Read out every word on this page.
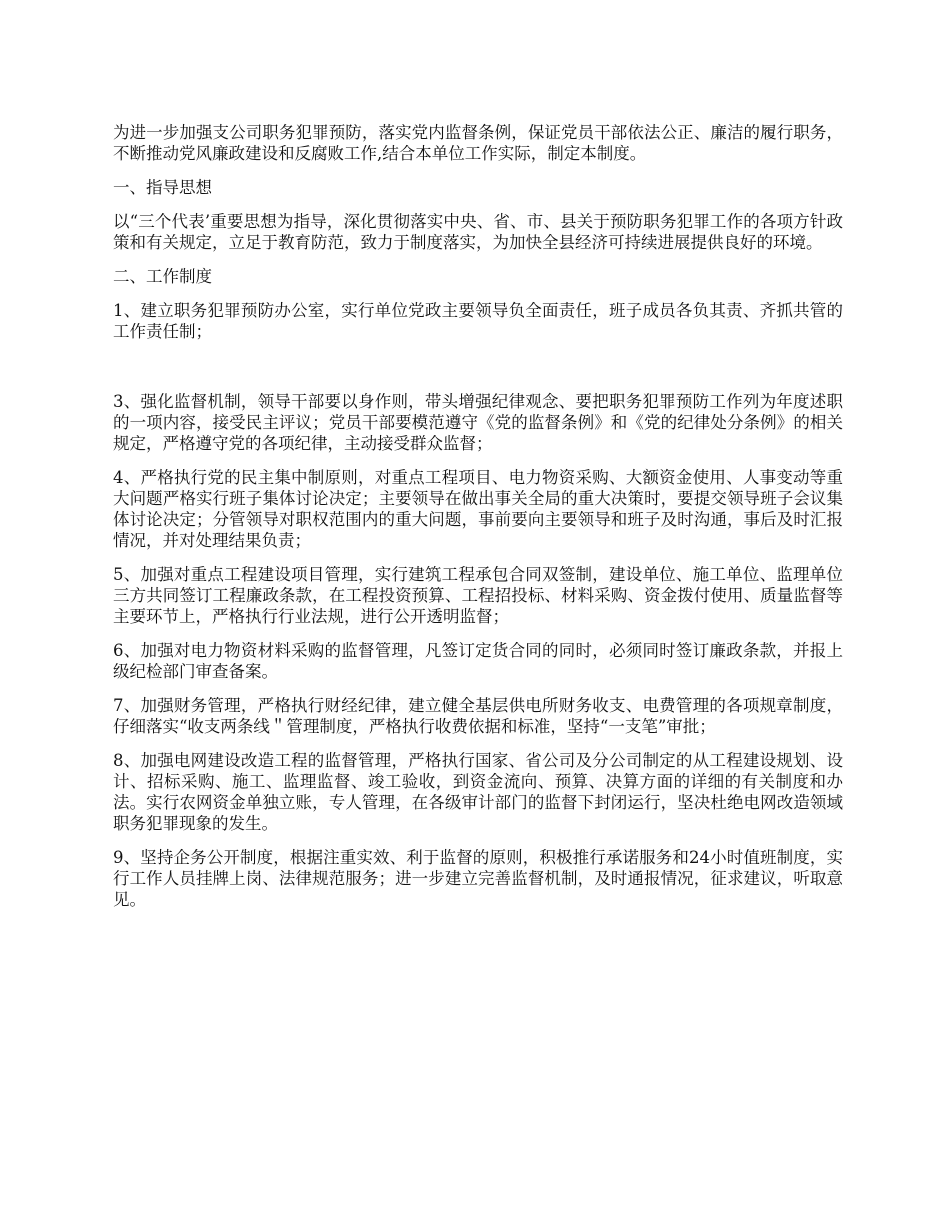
为进一步加强支公司职务犯罪预防，落实党内监督条例，保证党员干部依法公正、廉洁的履行职务，不断推动党风廉政建设和反腐败工作,结合本单位工作实际，制定本制度。

一、指导思想

以“三个代表’重要思想为指导，深化贯彻落实中央、省、市、县关于预防职务犯罪工作的各项方针政策和有关规定，立足于教育防范，致力于制度落实，为加快全县经济可持续进展提供良好的环境。

二、工作制度

1、建立职务犯罪预防办公室，实行单位党政主要领导负全面责任，班子成员各负其责、齐抓共管的工作责任制；

3、强化监督机制，领导干部要以身作则，带头增强纪律观念、要把职务犯罪预防工作列为年度述职的一项内容，接受民主评议；党员干部要模范遵守《党的监督条例》和《党的纪律处分条例》的相关规定，严格遵守党的各项纪律，主动接受群众监督；

4、严格执行党的民主集中制原则，对重点工程项目、电力物资采购、大额资金使用、人事变动等重大问题严格实行班子集体讨论决定；主要领导在做出事关全局的重大决策时，要提交领导班子会议集体讨论决定；分管领导对职权范围内的重大问题，事前要向主要领导和班子及时沟通，事后及时汇报情况，并对处理结果负责；

5、加强对重点工程建设项目管理，实行建筑工程承包合同双签制，建设单位、施工单位、监理单位三方共同签订工程廉政条款，在工程投资预算、工程招投标、材料采购、资金拨付使用、质量监督等主要环节上，严格执行行业法规，进行公开透明监督；

6、加强对电力物资材料采购的监督管理，凡签订定货合同的同时，必须同时签订廉政条款，并报上级纪检部门审查备案。

7、加强财务管理，严格执行财经纪律，建立健全基层供电所财务收支、电费管理的各项规章制度，仔细落实“收支两条线＂管理制度，严格执行收费依据和标准，坚持“一支笔”审批；

8、加强电网建设改造工程的监督管理，严格执行国家、省公司及分公司制定的从工程建设规划、设计、招标采购、施工、监理监督、竣工验收，到资金流向、预算、决算方面的详细的有关制度和办法。实行农网资金单独立账，专人管理，在各级审计部门的监督下封闭运行，坚决杜绝电网改造领域职务犯罪现象的发生。

9、坚持企务公开制度，根据注重实效、利于监督的原则，积极推行承诺服务和24小时值班制度，实行工作人员挂牌上岗、法律规范服务；进一步建立完善监督机制，及时通报情况，征求建议，听取意见。
